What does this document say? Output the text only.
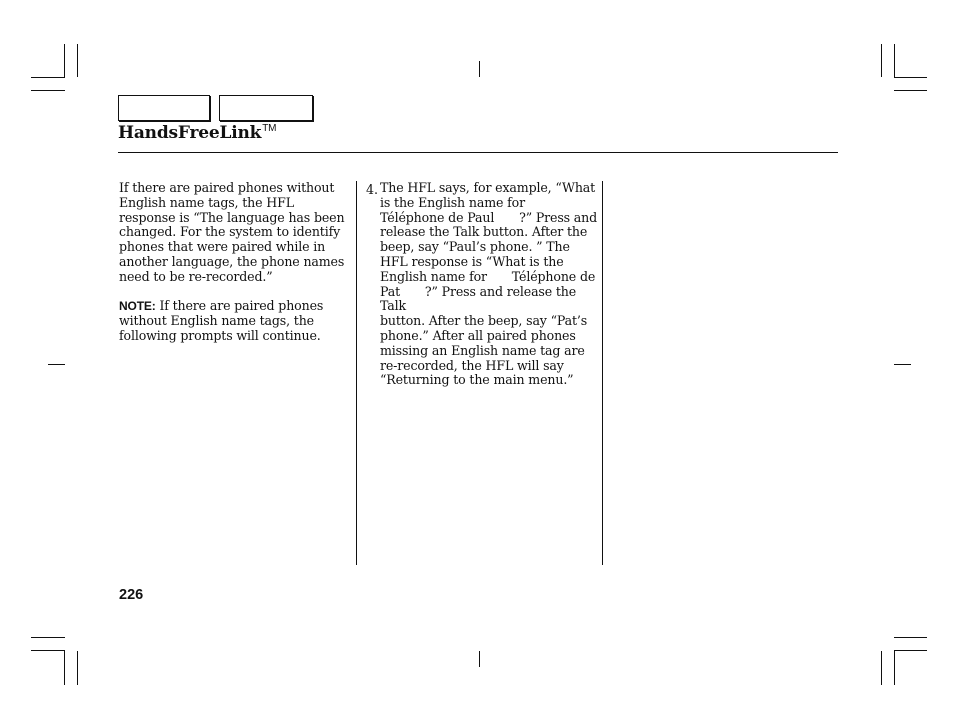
HandsFreeLink™

If there are paired phones without
English name tags, the HFL
response is “The language has been
changed. For the system to identify
phones that were paired while in
another language, the phone names
need to be re-recorded.”

NOTE: If there are paired phones
without English name tags, the
following prompts will continue.

4. The HFL says, for example, “What
is the English name for
Téléphone de Paul  ?” Press and
release the Talk button. After the
beep, say “Paul’s phone. ” The
HFL response is “What is the
English name for  Téléphone de
Pat  ?” Press and release the Talk
button. After the beep, say “Pat’s
phone.” After all paired phones
missing an English name tag are
re-recorded, the HFL will say
“Returning to the main menu.”

226
